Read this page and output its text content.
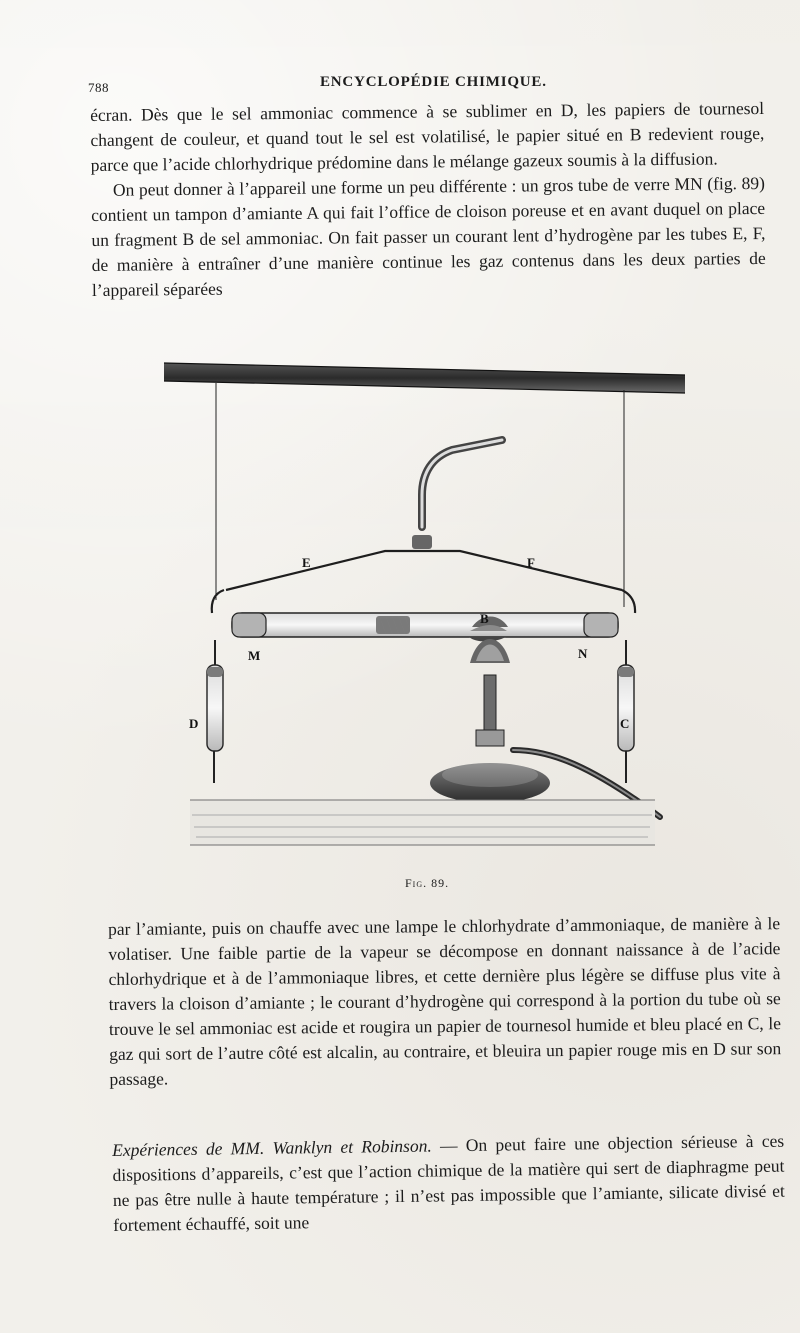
788	ENCYCLOPÉDIE CHIMIQUE.

écran. Dès que le sel ammoniac commence à se sublimer en D, les papiers de tournesol changent de couleur, et quand tout le sel est volatilisé, le papier situé en B redevient rouge, parce que l’acide chlorhydrique prédomine dans le mélange gazeux soumis à la diffusion.

On peut donner à l’appareil une forme un peu différente : un gros tube de verre MN (fig. 89) contient un tampon d’amiante A qui fait l’office de cloison poreuse et en avant duquel on place un fragment B de sel ammoniac. On fait passer un courant lent d’hydrogène par les tubes E, F, de manière à entraîner d’une manière continue les gaz contenus dans les deux parties de l’appareil séparées

E	F
M	N
B
D	C
Fig. 89.

par l’amiante, puis on chauffe avec une lampe le chlorhydrate d’ammoniaque, de manière à le volatiser. Une faible partie de la vapeur se décompose en donnant naissance à de l’acide chlorhydrique et à de l’ammoniaque libres, et cette dernière plus légère se diffuse plus vite à travers la cloison d’amiante ; le courant d’hydrogène qui correspond à la portion du tube où se trouve le sel ammoniac est acide et rougira un papier de tournesol humide et bleu placé en C, le gaz qui sort de l’autre côté est alcalin, au contraire, et bleuira un papier rouge mis en D sur son passage.

Expériences de MM. Wanklyn et Robinson. — On peut faire une objection sérieuse à ces dispositions d’appareils, c’est que l’action chimique de la matière qui sert de diaphragme peut ne pas être nulle à haute température ; il n’est pas impossible que l’amiante, silicate divisé et fortement échauffé, soit une
